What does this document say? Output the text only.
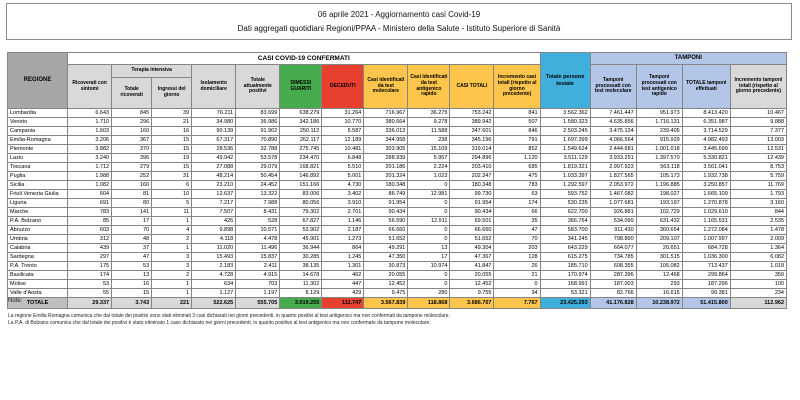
06 aprile 2021 - Aggiornamento casi Covid-19
Dati aggregati quotidiani Regioni/PPAA - Ministero della Salute - Istituto Superiore di Sanità
REGIONE	CASI COVID-19 CONFERMATI											Totale persone testate	TAMPONI			
	Ricoverati con sintomi	Terapia intensiva		Isolamento domiciliare	Totale attualmente positivi	DIMESSI GUARITI	DECEDUTI	Casi identificati da test molecolare	Casi identificati da test antigenico rapido	CASI TOTALI	Incremento casi totali (rispetto al giorno precedente)		Tamponi processati con test molecolare	Tamponi processati con test antigenico rapido	TOTALE tamponi effettuati	Incremento tamponi totali (rispetto al giorno precedente)
		Totale ricoverati	Ingressi del giorno													
Lombardia	6.643	845	39	76.211	83.699	638.279	31.264	716.967	36.275	753.242	841	3.562.362	7.461.447	951.973	8.413.420	10.467
Veneto	1.710	296	21	34.980	36.986	342.186	10.770	380.664	9.278	389.942	507	1.580.323	4.635.856	1.716.131	6.351.987	9.888
Campania	1.603	160	16	90.139	91.902	250.112	5.587	336.013	11.588	347.601	846	2.503.245	3.475.124	239.405	3.714.529	7.377
Emilia-Romagna	3.206	367	15	67.317	70.890	262.117	12.189	344.958	238	345.196	791	1.697.399	4.066.564	915.929	4.982.493	13.003
Piemonte	3.882	370	15	28.536	32.788	275.745	10.481	303.905	15.109	319.014	852	1.549.624	2.444.681	1.001.018	3.445.699	12.531
Lazio	3.240	396	19	49.942	53.578	234.470	6.848	288.939	5.957	294.896	1.120	3.511.129	3.933.251	1.397.570	5.330.821	12.439
Toscana	1.712	279	15	27.088	29.079	168.821	5.510	201.186	2.224	203.410	685	1.819.321	2.997.923	563.118	3.561.041	8.753
Puglia	1.988	252	31	48.214	50.454	146.892	5.001	201.324	1.023	202.347	475	1.033.397	1.827.565	105.173	1.932.738	5.759
Sicilia	1.082	160	6	23.210	24.452	151.166	4.730	180.348	0	180.348	783	1.292.597	2.053.972	1.196.885	3.250.857	11.769
Friuli Venezia Giulia	604	81	10	12.637	13.322	83.006	3.402	86.749	12.981	99.730	63	593.752	1.467.082	198.027	1.665.109	1.793
Liguria	691	80	5	7.217	7.988	80.056	3.910	91.954	0	91.954	174	530.235	1.077.681	193.197	1.270.878	3.160
Marche	783	141	11	7.507	8.431	79.302	2.701	90.434	0	90.434	66	622.700	926.881	102.729	1.029.610	844
P.A. Bolzano	85	17	1	426	528	67.827	1.146	56.590	12.911	69.501	35	366.764	534.099	631.432	1.165.531	2.535
Abruzzo	603	70	4	9.898	10.571	53.902	2.187	66.660	0	66.660	47	583.700	911.430	360.654	1.272.084	1.478
Umbria	312	48	2	4.118	4.478	45.901	1.273	51.652	0	51.652	70	341.245	798.890	209.107	1.007.997	2.009
Calabria	439	37	1	11.020	11.496	36.944	864	49.291	13	49.304	203	643.229	664.077	20.651	684.728	1.364
Sardegna	297	47	3	15.493	15.837	30.285	1.245	47.350	17	47.367	128	615.275	734.785	301.515	1.036.300	6.082
P.A. Trento	175	53	3	2.183	2.411	38.135	1.301	30.873	10.974	41.847	26	185.710	608.355	105.082	713.437	1.018
Basilicata	174	13	2	4.728	4.915	14.678	462	20.055	0	20.055	21	170.974	287.396	12.468	299.864	359
Molise	53	16	1	634	703	11.302	447	12.452	0	12.452	0	168.991	187.003	293	187.296	100
Valle d'Aosta	55	15	1	1.127	1.197	8.129	429	9.475	280	9.755	34	53.321	82.766	16.615	99.381	234
TOTALE	29.337	3.743	221	522.625	555.705	3.019.255	111.747	3.567.839	118.868	3.686.707	7.767	23.425.293	41.176.828	10.238.972	51.415.800	112.962
Note:
La regione Emilia Romagna comunica che dal totale dei positivi sono stati eliminati 3 casi dichiarati nei giorni precedenti, in quanto positivi al test antigenico ma non confermati da tampone molecolare.
La P.A. di Bolzano comunica che dal totale dei positivi è stato eliminato 1 caso dichiarato nei giorni precedenti, in quanto positivo al test antigenico ma non confermato da tampone molecolare.
